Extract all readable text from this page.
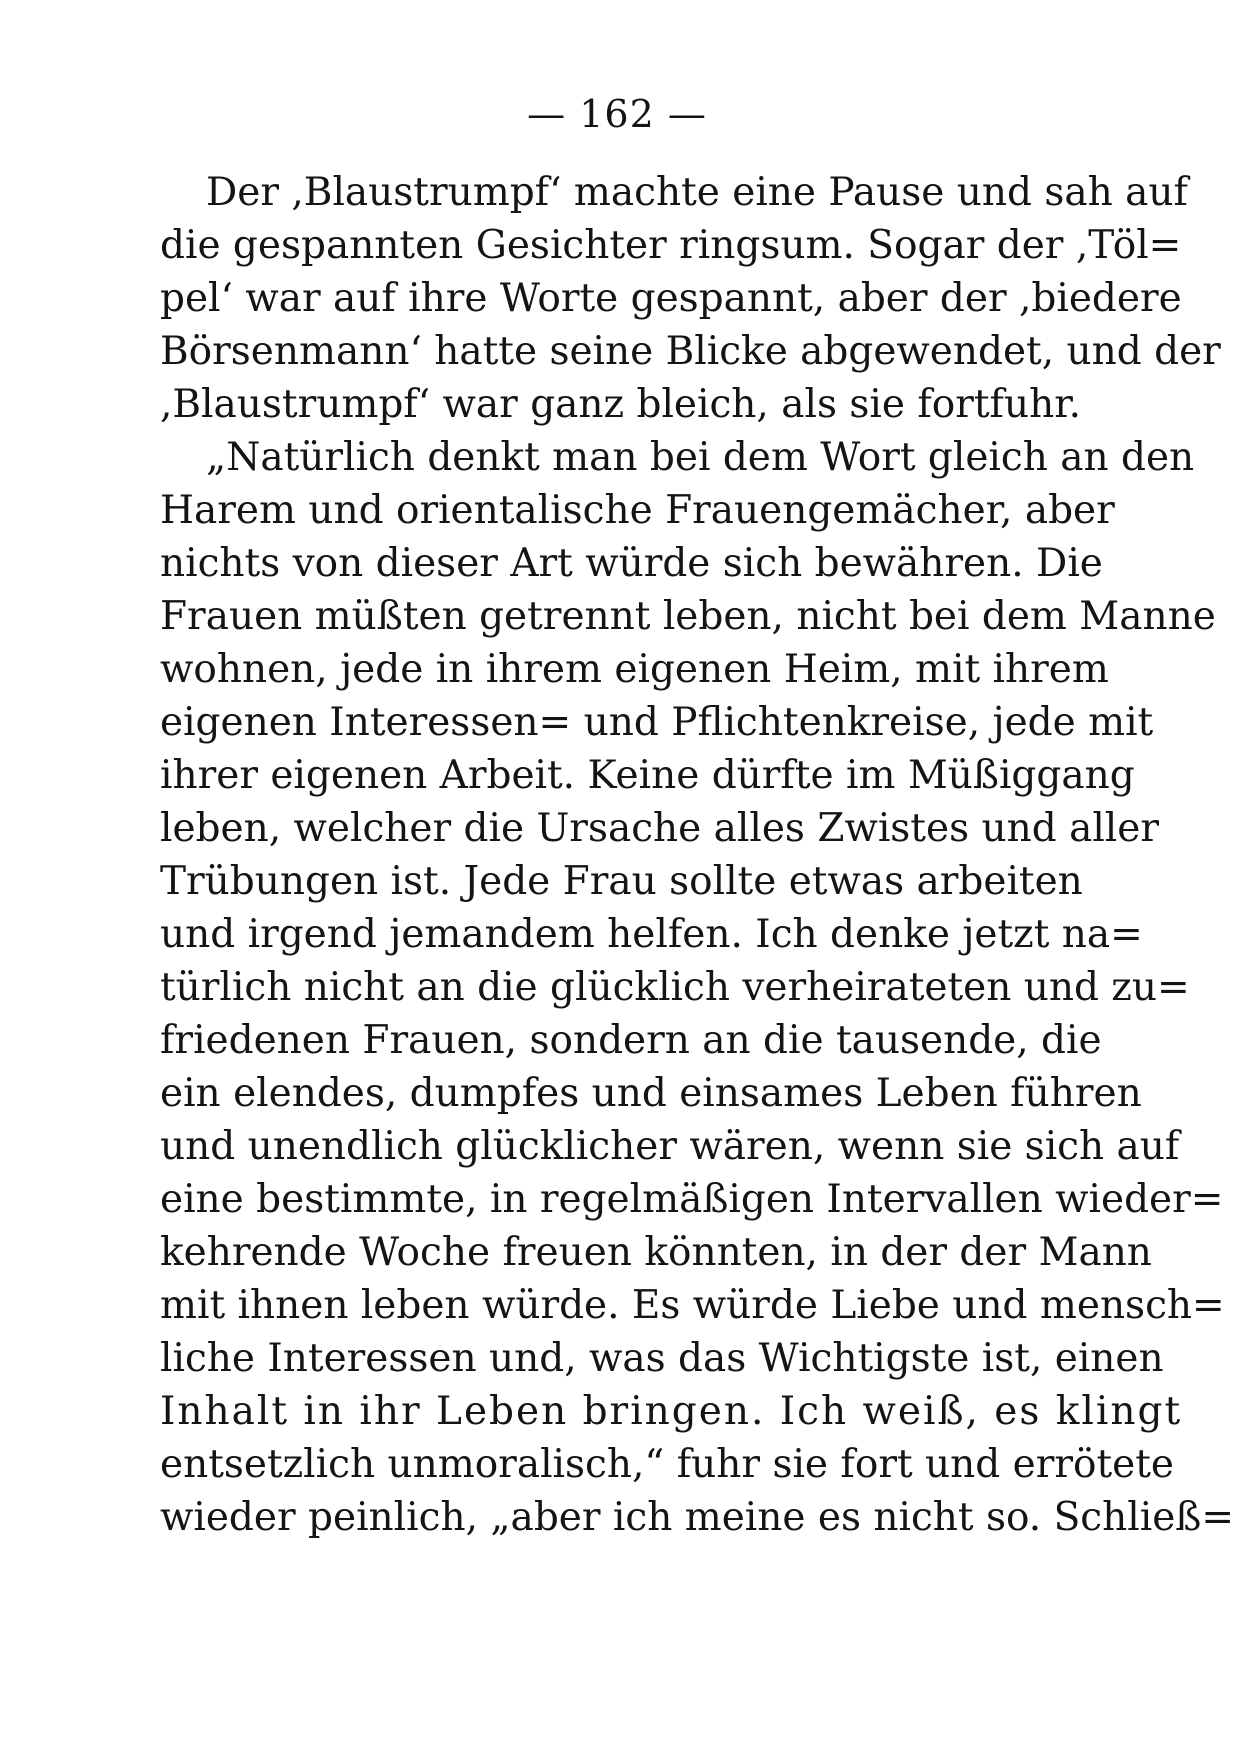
— 162 —
Der ,Blaustrumpf‘ machte eine Pause und sah auf
die gespannten Gesichter ringsum. Sogar der ,Töl=
pel‘ war auf ihre Worte gespannt, aber der ,biedere
Börsenmann‘ hatte seine Blicke abgewendet, und der
,Blaustrumpf‘ war ganz bleich, als sie fortfuhr.
„Natürlich denkt man bei dem Wort gleich an den
Harem und orientalische Frauengemächer, aber
nichts von dieser Art würde sich bewähren. Die
Frauen müßten getrennt leben, nicht bei dem Manne
wohnen, jede in ihrem eigenen Heim, mit ihrem
eigenen Interessen= und Pflichtenkreise, jede mit
ihrer eigenen Arbeit. Keine dürfte im Müßiggang
leben, welcher die Ursache alles Zwistes und aller
Trübungen ist. Jede Frau sollte etwas arbeiten
und irgend jemandem helfen. Ich denke jetzt na=
türlich nicht an die glücklich verheirateten und zu=
friedenen Frauen, sondern an die tausende, die
ein elendes, dumpfes und einsames Leben führen
und unendlich glücklicher wären, wenn sie sich auf
eine bestimmte, in regelmäßigen Intervallen wieder=
kehrende Woche freuen könnten, in der der Mann
mit ihnen leben würde. Es würde Liebe und mensch=
liche Interessen und, was das Wichtigste ist, einen
Inhalt in ihr Leben bringen. Ich weiß, es klingt
entsetzlich unmoralisch,“ fuhr sie fort und errötete
wieder peinlich, „aber ich meine es nicht so. Schließ=
